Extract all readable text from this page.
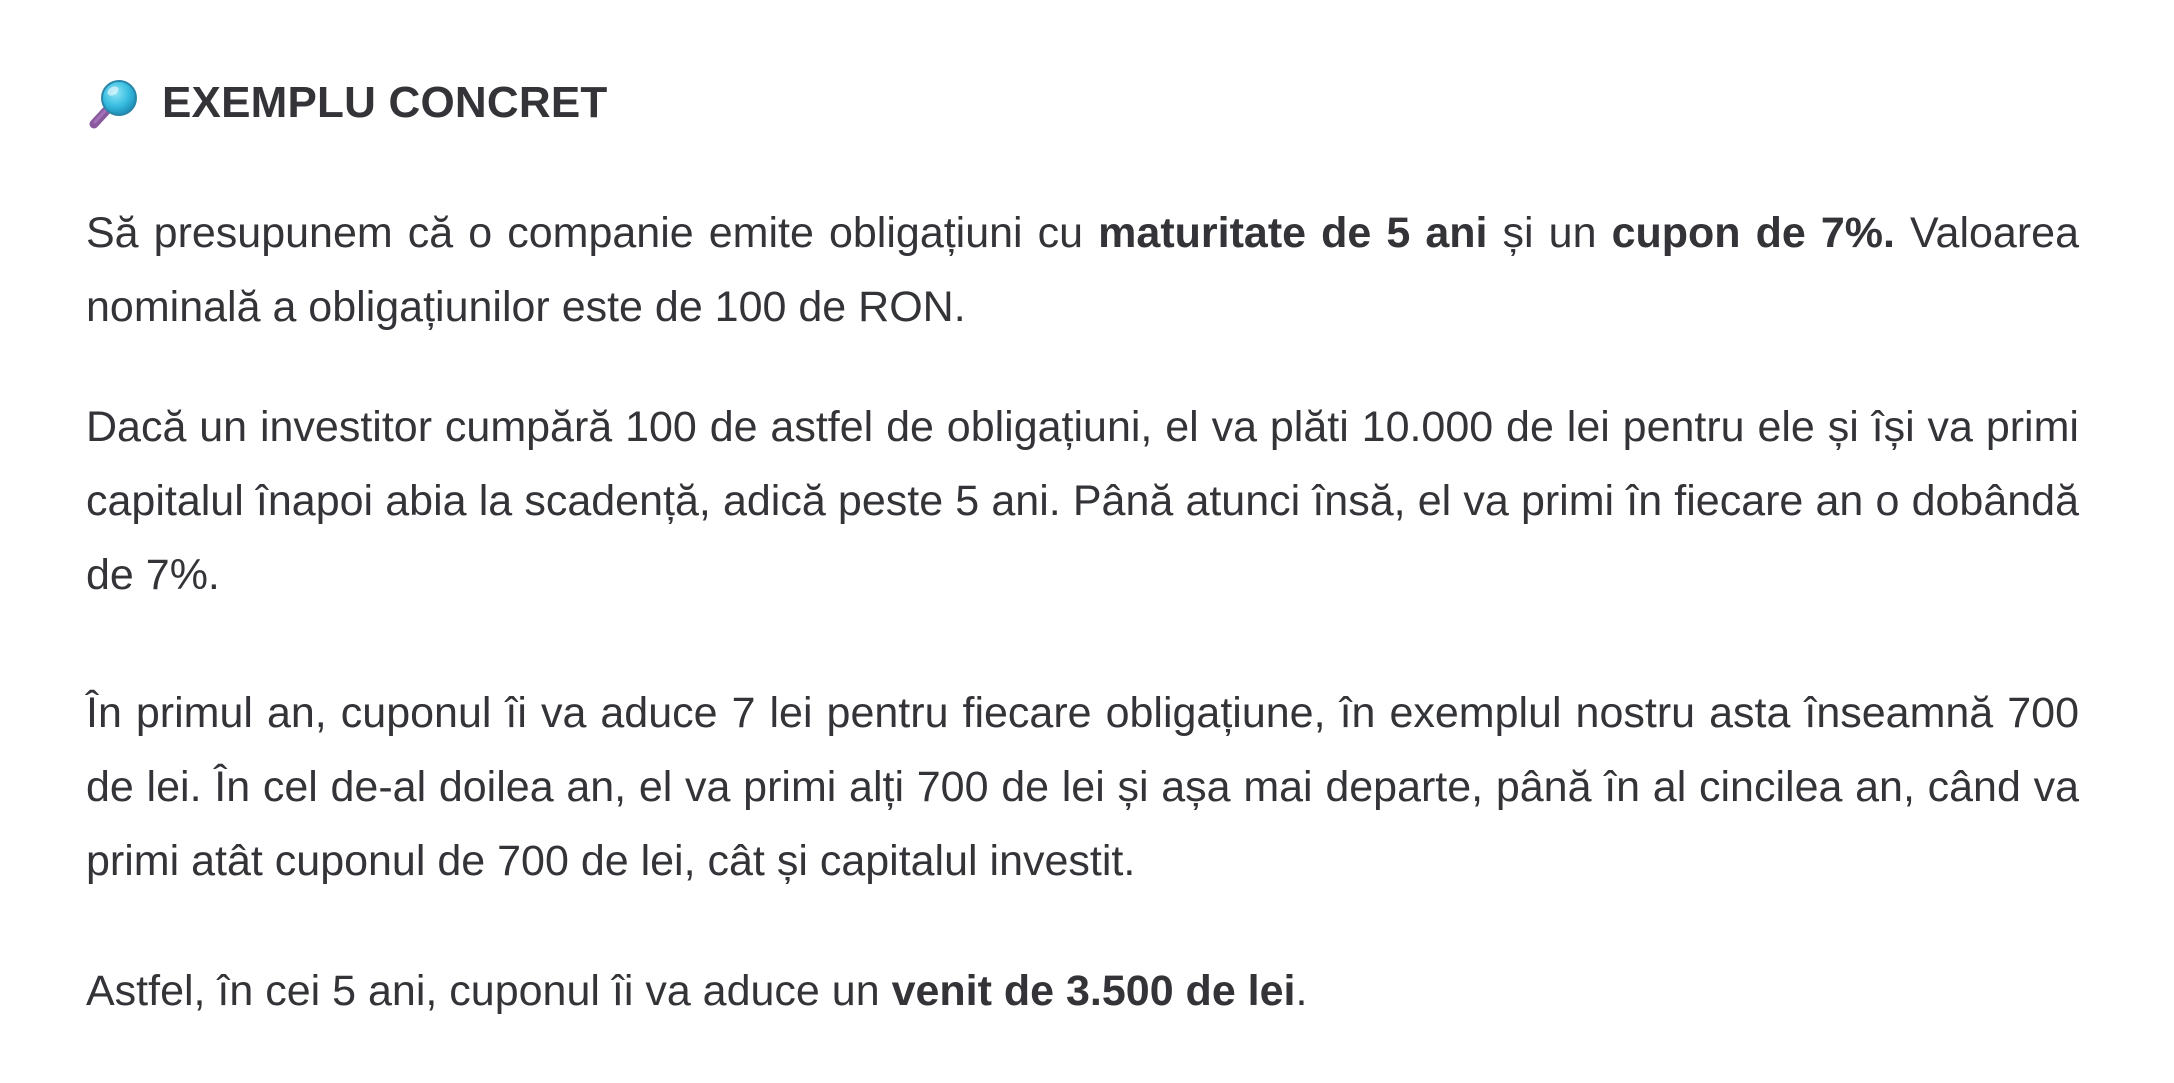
EXEMPLU CONCRET

Să presupunem că o companie emite obligațiuni cu maturitate de 5 ani și un cupon de 7%. Valoarea nominală a obligațiunilor este de 100 de RON.

Dacă un investitor cumpără 100 de astfel de obligațiuni, el va plăti 10.000 de lei pentru ele și își va primi capitalul înapoi abia la scadență, adică peste 5 ani. Până atunci însă, el va primi în fiecare an o dobândă de 7%.

În primul an, cuponul îi va aduce 7 lei pentru fiecare obligațiune, în exemplul nostru asta înseamnă 700 de lei. În cel de-al doilea an, el va primi alți 700 de lei și așa mai departe, până în al cincilea an, când va primi atât cuponul de 700 de lei, cât și capitalul investit.

Astfel, în cei 5 ani, cuponul îi va aduce un venit de 3.500 de lei.
